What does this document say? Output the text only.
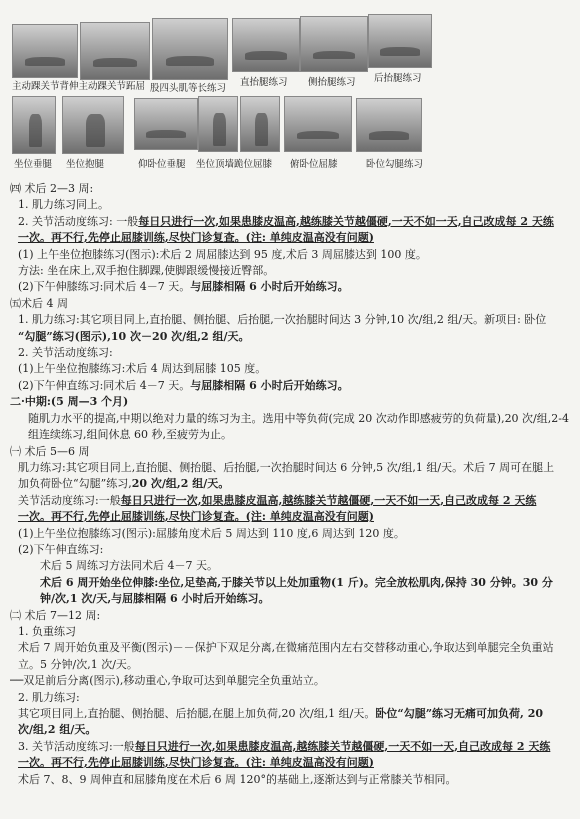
主动踝关节背伸主动踝关节跖屈 股四头肌等长练习
直抬腿练习 侧抬腿练习 后抬腿练习
坐位垂腿 坐位抱腿	仰卧位垂腿 坐位顶墙跪位屈膝 俯卧位屈膝	卧位勾腿练习
㈣ 术后 2—3 周:
1. 肌力练习同上。
2. 关节活动度练习: 一般每日只进行一次,如果患膝皮温高,越练膝关节越僵硬,一天不如一天,自己改成每 2 天练
一次。再不行,先停止屈膝训练,尽快门诊复查。(注: 单纯皮温高没有问题)
(1) 上午坐位抱膝练习(图示):术后 2 周屈膝达到 95 度,术后 3 周屈膝达到 100 度。
方法: 坐在床上,双手抱住脚踝,使脚跟缓慢接近臀部。
(2)下午伸膝练习:同术后 4－7 天。与屈膝相隔 6 小时后开始练习。
㈤术后 4 周
1. 肌力练习:其它项目同上,直抬腿、侧抬腿、后抬腿,一次抬腿时间达 3 分钟,10 次/组,2 组/天。新项目: 卧位
“勾腿”练习(图示),10 次－20 次/组,2 组/天。
2. 关节活动度练习:
(1)上午坐位抱膝练习:术后 4 周达到屈膝 105 度。
(2)下午伸直练习:同术后 4－7 天。与屈膝相隔 6 小时后开始练习。
二·中期:(5 周—3 个月)
随肌力水平的提高,中期以绝对力量的练习为主。选用中等负荷(完成 20 次动作即感疲劳的负荷量),20 次/组,2-4
组连续练习,组间休息 60 秒,至疲劳为止。
㈠ 术后 5—6 周
肌力练习:其它项目同上,直抬腿、侧抬腿、后抬腿,一次抬腿时间达 6 分钟,5 次/组,1 组/天。术后 7 周可在腿上
加负荷卧位“勾腿”练习,20 次/组,2 组/天。
关节活动度练习:一般每日只进行一次,如果患膝皮温高,越练膝关节越僵硬,一天不如一天,自己改成每 2 天练
一次。再不行,先停止屈膝训练,尽快门诊复查。(注: 单纯皮温高没有问题)
(1)上午坐位抱膝练习(图示):屈膝角度术后 5 周达到 110 度,6 周达到 120 度。
(2)下午伸直练习:
术后 5 周练习方法同术后 4－7 天。
术后 6 周开始坐位伸膝:坐位,足垫高,于膝关节以上处加重物(1 斤)。完全放松肌肉,保持 30 分钟。30 分
钟/次,1 次/天,与屈膝相隔 6 小时后开始练习。
㈡ 术后 7—12 周:
1. 负重练习
术后 7 周开始负重及平衡(图示)－－保护下双足分离,在微痛范围内左右交替移动重心,争取达到单腿完全负重站
立。5 分钟/次,1 次/天。
──双足前后分离(图示),移动重心,争取可达到单腿完全负重站立。
2. 肌力练习:
其它项目同上,直抬腿、侧抬腿、后抬腿,在腿上加负荷,20 次/组,1 组/天。卧位“勾腿”练习无痛可加负荷, 20
次/组,2 组/天。
3. 关节活动度练习:一般每日只进行一次,如果患膝皮温高,越练膝关节越僵硬,一天不如一天,自己改成每 2 天练
一次。再不行,先停止屈膝训练,尽快门诊复查。(注: 单纯皮温高没有问题)
术后 7、8、9 周伸直和屈膝角度在术后 6 周 120°的基础上,逐渐达到与正常膝关节相同。
